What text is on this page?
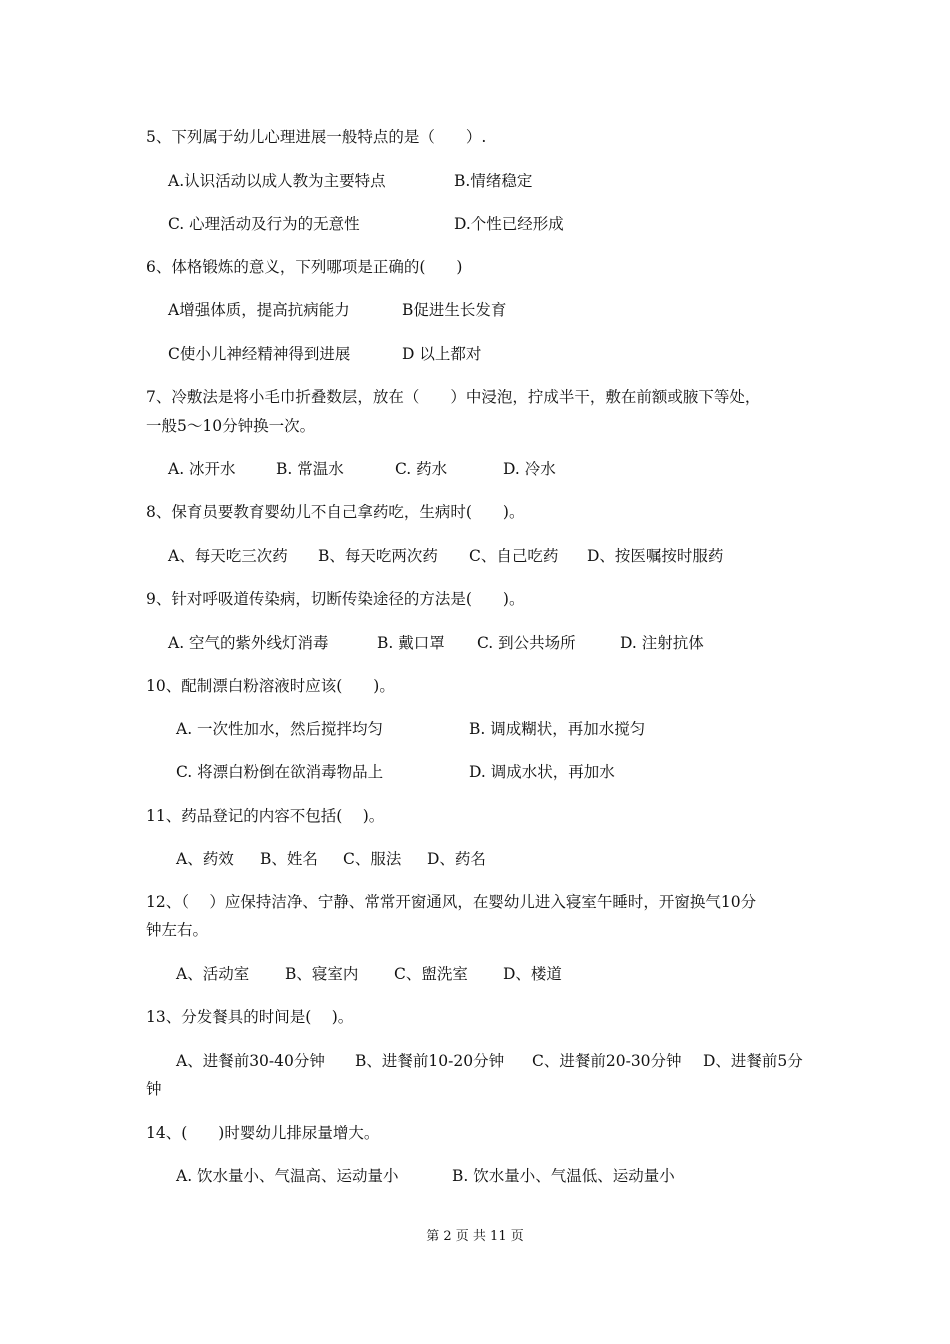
5、下列属于幼儿心理进展一般特点的是（　　）.
A.认识活动以成人教为主要特点	B.情绪稳定
C. 心理活动及行为的无意性	D.个性已经形成
6、体格锻炼的意义，下列哪项是正确的(　　)
A增强体质，提高抗病能力	B促进生长发育
C使小儿神经精神得到进展	D 以上都对
7、冷敷法是将小毛巾折叠数层，放在（　　）中浸泡，拧成半干，敷在前额或腋下等处，
一般5～10分钟换一次。
A. 冰开水	B. 常温水	C. 药水	D. 冷水
8、保育员要教育婴幼儿不自己拿药吃，生病时(　　)。
A、每天吃三次药 B、每天吃两次药 C、自己吃药 D、按医嘱按时服药
9、针对呼吸道传染病，切断传染途径的方法是(　　)。
A. 空气的紫外线灯消毒	B. 戴口罩 C. 到公共场所	D. 注射抗体
10、配制漂白粉溶液时应该(　　)。
A. 一次性加水，然后搅拌均匀	B. 调成糊状，再加水搅匀
C. 将漂白粉倒在欲消毒物品上	D. 调成水状，再加水
11、药品登记的内容不包括(　 )。
A、药效 B、姓名 C、服法 D、药名
12、（　 ）应保持洁净、宁静、常常开窗通风，在婴幼儿进入寝室午睡时，开窗换气10分
钟左右。
A、活动室 B、寝室内 C、盥洗室 D、楼道
13、分发餐具的时间是(　 )。
A、进餐前30-40分钟 B、进餐前10-20分钟 C、进餐前20-30分钟 D、进餐前5分
钟
14、(　　)时婴幼儿排尿量增大。
A. 饮水量小、气温高、运动量小	B. 饮水量小、气温低、运动量小
第 2 页 共 11 页
